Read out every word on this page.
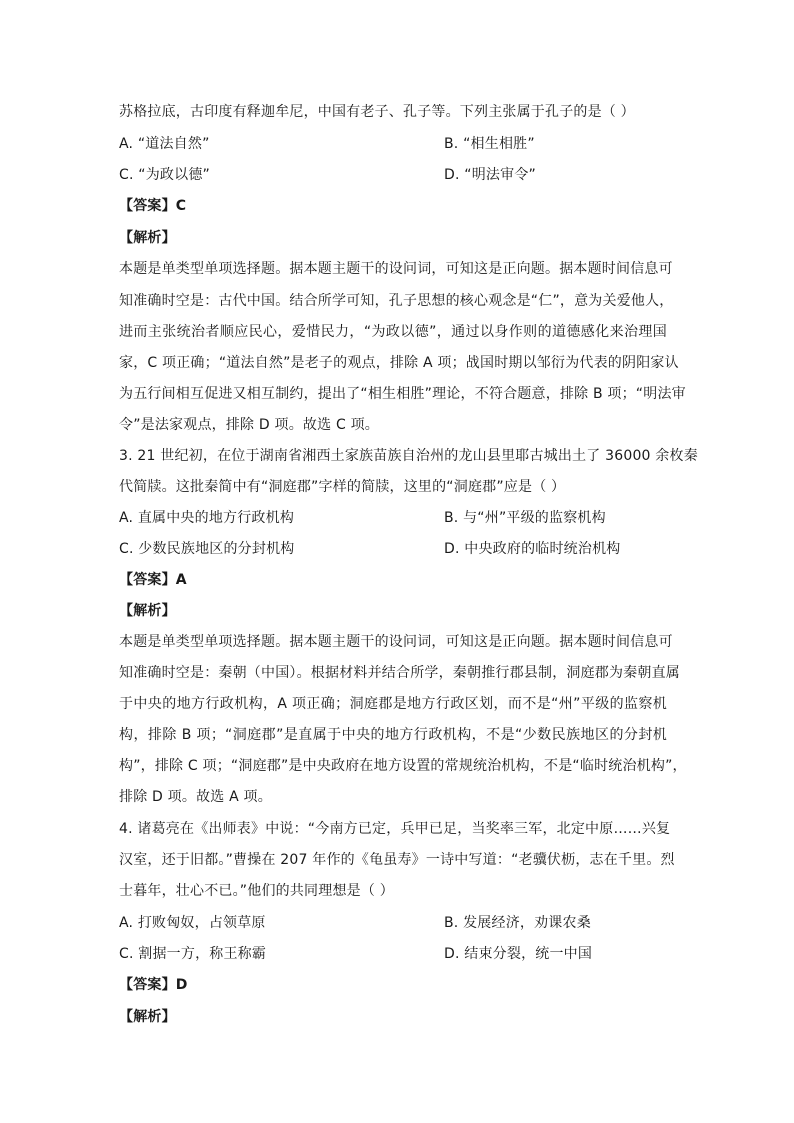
苏格拉底，古印度有释迦牟尼，中国有老子、孔子等。下列主张属于孔子的是（ ）
A. “道法自然”	B. “相生相胜”
C. “为政以德”	D. “明法审令”
【答案】C
【解析】
本题是单类型单项选择题。据本题主题干的设问词，可知这是正向题。据本题时间信息可
知准确时空是：古代中国。结合所学可知，孔子思想的核心观念是“仁”，意为关爱他人，
进而主张统治者顺应民心，爱惜民力，“为政以德”，通过以身作则的道德感化来治理国
家，C 项正确；“道法自然”是老子的观点，排除 A 项；战国时期以邹衍为代表的阴阳家认
为五行间相互促进又相互制约，提出了“相生相胜”理论，不符合题意，排除 B 项；“明法审
令”是法家观点，排除 D 项。故选 C 项。
3. 21 世纪初，在位于湖南省湘西土家族苗族自治州的龙山县里耶古城出土了 36000 余枚秦
代简牍。这批秦简中有“洞庭郡”字样的简牍，这里的“洞庭郡”应是（ ）
A. 直属中央的地方行政机构	B. 与“州”平级的监察机构
C. 少数民族地区的分封机构	D. 中央政府的临时统治机构
【答案】A
【解析】
本题是单类型单项选择题。据本题主题干的设问词，可知这是正向题。据本题时间信息可
知准确时空是：秦朝（中国）。根据材料并结合所学，秦朝推行郡县制，洞庭郡为秦朝直属
于中央的地方行政机构，A 项正确；洞庭郡是地方行政区划，而不是“州”平级的监察机
构，排除 B 项；“洞庭郡”是直属于中央的地方行政机构，不是“少数民族地区的分封机
构”，排除 C 项；“洞庭郡”是中央政府在地方设置的常规统治机构，不是“临时统治机构”，
排除 D 项。故选 A 项。
4. 诸葛亮在《出师表》中说：“今南方已定，兵甲已足，当奖率三军，北定中原……兴复
汉室，还于旧都。”曹操在 207 年作的《龟虽寿》一诗中写道：“老骥伏枥，志在千里。烈
士暮年，壮心不已。”他们的共同理想是（ ）
A. 打败匈奴，占领草原	B. 发展经济，劝课农桑
C. 割据一方，称王称霸	D. 结束分裂，统一中国
【答案】D
【解析】
